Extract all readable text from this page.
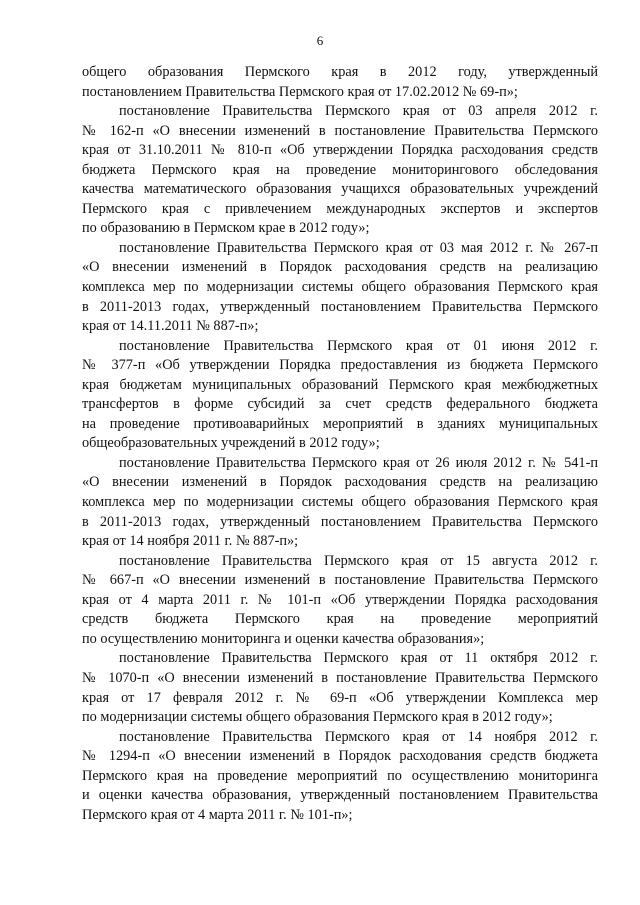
6
общего образования Пермского края в 2012 году, утвержденный
постановлением Правительства Пермского края от 17.02.2012 № 69-п»;
постановление Правительства Пермского края от 03 апреля 2012 г.
№ 162-п «О внесении изменений в постановление Правительства Пермского
края от 31.10.2011 № 810-п «Об утверждении Порядка расходования средств
бюджета Пермского края на проведение мониторингового обследования
качества математического образования учащихся образовательных учреждений
Пермского края с привлечением международных экспертов и экспертов
по образованию в Пермском крае в 2012 году»;
постановление Правительства Пермского края от 03 мая 2012 г. № 267-п
«О внесении изменений в Порядок расходования средств на реализацию
комплекса мер по модернизации системы общего образования Пермского края
в 2011-2013 годах, утвержденный постановлением Правительства Пермского
края от 14.11.2011 № 887-п»;
постановление Правительства Пермского края от 01 июня 2012 г.
№ 377-п «Об утверждении Порядка предоставления из бюджета Пермского
края бюджетам муниципальных образований Пермского края межбюджетных
трансфертов в форме субсидий за счет средств федерального бюджета
на проведение противоаварийных мероприятий в зданиях муниципальных
общеобразовательных учреждений в 2012 году»;
постановление Правительства Пермского края от 26 июля 2012 г. № 541-п
«О внесении изменений в Порядок расходования средств на реализацию
комплекса мер по модернизации системы общего образования Пермского края
в 2011-2013 годах, утвержденный постановлением Правительства Пермского
края от 14 ноября 2011 г. № 887-п»;
постановление Правительства Пермского края от 15 августа 2012 г.
№ 667-п «О внесении изменений в постановление Правительства Пермского
края от 4 марта 2011 г. № 101-п «Об утверждении Порядка расходования
средств бюджета Пермского края на проведение мероприятий
по осуществлению мониторинга и оценки качества образования»;
постановление Правительства Пермского края от 11 октября 2012 г.
№ 1070-п «О внесении изменений в постановление Правительства Пермского
края от 17 февраля 2012 г. № 69-п «Об утверждении Комплекса мер
по модернизации системы общего образования Пермского края в 2012 году»;
постановление Правительства Пермского края от 14 ноября 2012 г.
№ 1294-п «О внесении изменений в Порядок расходования средств бюджета
Пермского края на проведение мероприятий по осуществлению мониторинга
и оценки качества образования, утвержденный постановлением Правительства
Пермского края от 4 марта 2011 г. № 101-п»;
